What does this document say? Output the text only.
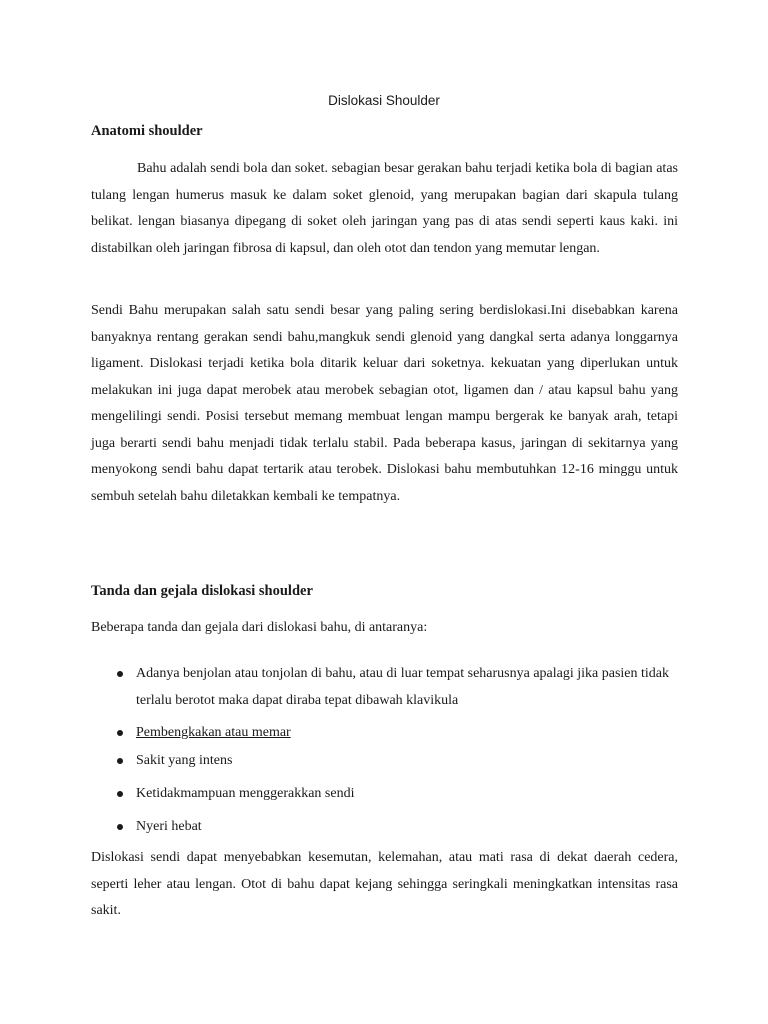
Dislokasi Shoulder
Anatomi shoulder

Bahu adalah sendi bola dan soket. sebagian besar gerakan bahu terjadi ketika bola di bagian atas tulang lengan humerus masuk ke dalam soket glenoid, yang merupakan bagian dari skapula tulang belikat. lengan biasanya dipegang di soket oleh jaringan yang pas di atas sendi seperti kaus kaki. ini distabilkan oleh jaringan fibrosa di kapsul, dan oleh otot dan tendon yang memutar lengan.

Sendi Bahu merupakan salah satu sendi besar yang paling sering berdislokasi.Ini disebabkan karena banyaknya rentang gerakan sendi bahu,mangkuk sendi glenoid yang dangkal serta adanya longgarnya ligament. Dislokasi terjadi ketika bola ditarik keluar dari soketnya. kekuatan yang diperlukan untuk melakukan ini juga dapat merobek atau merobek sebagian otot, ligamen dan / atau kapsul bahu yang mengelilingi sendi. Posisi tersebut memang membuat lengan mampu bergerak ke banyak arah, tetapi juga berarti sendi bahu menjadi tidak terlalu stabil. Pada beberapa kasus, jaringan di sekitarnya yang menyokong sendi bahu dapat tertarik atau terobek. Dislokasi bahu membutuhkan 12-16 minggu untuk sembuh setelah bahu diletakkan kembali ke tempatnya.

Tanda dan gejala dislokasi shoulder

Beberapa tanda dan gejala dari dislokasi bahu, di antaranya:

Adanya benjolan atau tonjolan di bahu, atau di luar tempat seharusnya apalagi jika pasien tidak terlalu berotot maka dapat diraba tepat dibawah klavikula
Pembengkakan atau memar
Sakit yang intens
Ketidakmampuan menggerakkan sendi
Nyeri hebat

Dislokasi sendi dapat menyebabkan kesemutan, kelemahan, atau mati rasa di dekat daerah cedera, seperti leher atau lengan. Otot di bahu dapat kejang sehingga seringkali meningkatkan intensitas rasa sakit.
